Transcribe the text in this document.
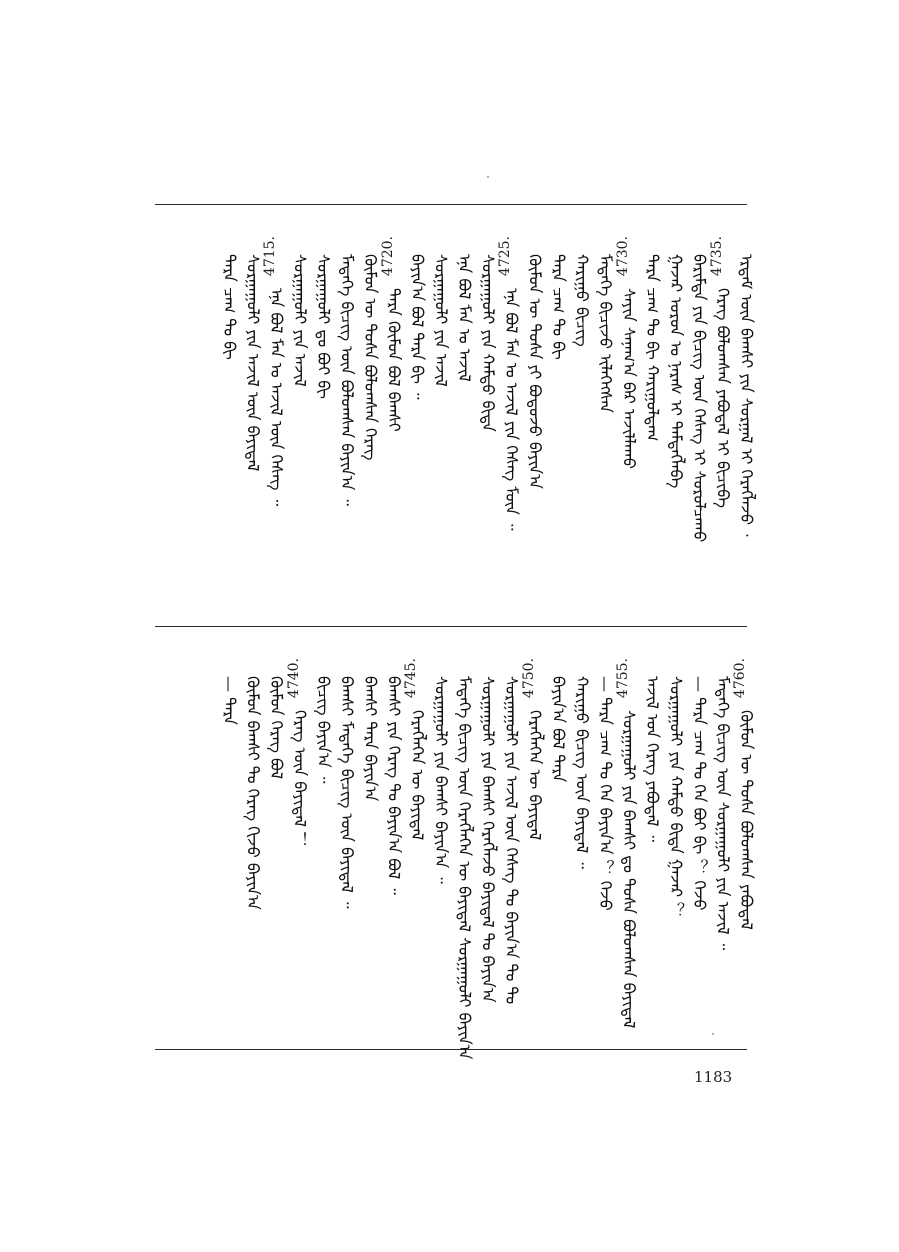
ᠡᠷᠳᠡᠮ ᠦᠨ ᠪᠠᠭᠰᠢ ᠶᠢᠨ ᠰᠤᠷᠭᠠᠯ ᠢ ᠬᠡᠷᠡᠭᠯᠡᠵᠦ ᠂
4735.
ᠬᠡᠷᠡᠭ ᠪᠤᠯᠤᠭᠰᠠᠨ ᠶᠠᠪᠤᠳᠠᠯ ᠢ ᠪᠢᠴᠢᠪᠡ
ᠪᠠᠷᠢᠮᠲᠠ ᠶᠢᠨ ᠪᠢᠴᠢᠭ ᠦᠨ ᠬᠡᠰᠡᠭ ᠢ ᠰᠤᠷᠤᠯᠴᠠᠬᠤ
ᠭᠠᠵᠠᠷ ᠤᠷᠤᠨ ᠤ ᠨᠡᠷᠡᠰ ᠢ ᠲᠡᠮᠳᠡᠭᠯᠡᠪᠡ
ᠲᠡᠷᠡ ᠴᠠᠭ ᠲᠤ ᠪᠢ ᠬᠠᠷᠢᠭᠤᠯᠳᠠᠭ
4730.
ᠰᠠᠶᠢᠨ ᠰᠠᠨᠠᠭ᠎ᠠ ᠪᠠᠷ ᠠᠵᠢᠯᠯᠠᠬᠤ
ᠮᠡᠳᠡᠭᠡ ᠪᠢᠴᠢᠵᠦ ᠢᠯᠡᠭᠡᠭᠰᠡᠨ
ᠬᠠᠷᠢᠭᠤ ᠪᠢᠴᠢᠭ
ᠲᠡᠷᠡ ᠴᠠᠭ ᠲᠤ ᠪᠢ
ᠬᠦᠮᠦᠨ ᠦ ᠲᠤᠰᠠ ᠶᠢ ᠪᠤᠳᠤᠵᠤ ᠪᠠᠶᠢᠨ᠎ᠠ
4725.
ᠡᠨᠡ ᠪᠣᠯ ᠮᠠᠨ ᠤ ᠠᠵᠢᠯ ᠶᠢᠨ ᠬᠡᠰᠡᠭ ᠮᠥᠨ ᠃
ᠰᠤᠷᠭᠠᠭᠤᠯᠢ ᠶᠢᠨ ᠬᠠᠮᠲᠤ ᠪᠢᠳᠡ
ᠡᠨᠡ ᠪᠣᠯ ᠮᠠᠨ ᠤ ᠠᠵᠢᠯ
ᠰᠤᠷᠭᠠᠭᠤᠯᠢ ᠶᠢᠨ ᠠᠵᠢᠯ
ᠪᠠᠶᠢᠨ᠎ᠠ ᠪᠤᠯ ᠲᠡᠷᠡ ᠪᠢ ᠃
4720.
ᠲᠡᠷᠡ ᠬᠦᠮᠦᠨ ᠪᠣᠯ ᠪᠠᠭᠰᠢ
ᠬᠦᠮᠦᠨ ᠦ ᠲᠤᠰᠠ ᠪᠣᠯᠤᠭᠰᠠᠨ ᠬᠡᠷᠡᠭ
ᠮᠡᠳᠡᠭᠡ ᠪᠢᠴᠢᠭ ᠦᠨ ᠪᠤᠯᠤᠭᠰᠠᠨ ᠪᠠᠶᠢᠨ᠎ᠠ ᠃
ᠰᠤᠷᠭᠠᠭᠤᠯᠢ ᠳᠤ ᠪᠤᠢ ᠪᠢ
ᠰᠤᠷᠭᠠᠭᠤᠯᠢ ᠶᠢᠨ ᠠᠵᠢᠯ
4715.
ᠡᠨᠡ ᠪᠣᠯ ᠮᠠᠨ ᠤ ᠠᠵᠢᠯ ᠦᠨ ᠬᠡᠰᠡᠭ ᠃
ᠰᠤᠷᠭᠠᠭᠤᠯᠢ ᠶᠢᠨ ᠠᠵᠢᠯ ᠦᠨ ᠪᠠᠶᠢᠳᠠᠯ
ᠲᠡᠷᠡ ᠴᠠᠭ ᠲᠤ ᠪᠢ
4760.
ᠬᠦᠮᠦᠨ ᠦ ᠲᠤᠰᠠ ᠪᠣᠯᠤᠭᠰᠠᠨ ᠶᠠᠪᠤᠳᠠᠯ
ᠮᠡᠳᠡᠭᠡ ᠪᠢᠴᠢᠭ ᠦᠨ ᠰᠤᠷᠭᠠᠭᠤᠯᠢ ᠶᠢᠨ ᠠᠵᠢᠯ ᠃
— ᠲᠡᠷᠡ ᠴᠠᠭ ᠲᠤ ᠬᠡᠨ ᠪᠤᠢ ᠪᠢ ？ ᠭᠡᠵᠦ
ᠰᠤᠷᠭᠠᠭᠤᠯᠢ ᠶᠢᠨ ᠬᠠᠮᠲᠤ ᠪᠢᠳᠡ ᠭᠠᠵᠠᠷ ？
ᠠᠵᠢᠯ ᠤᠨ ᠬᠡᠷᠡᠭ ᠶᠠᠪᠤᠳᠠᠯ ᠃
4755.
ᠰᠤᠷᠭᠠᠭᠤᠯᠢ ᠶᠢᠨ ᠪᠠᠭᠰᠢ ᠳᠤ ᠲᠤᠰᠠ ᠪᠣᠯᠤᠭᠰᠠᠨ ᠪᠠᠶᠢᠳᠠᠯ
— ᠲᠡᠷᠡ ᠴᠠᠭ ᠲᠤ ᠬᠡᠨ ᠪᠠᠶᠢᠨ᠎ᠠ ？ ᠭᠡᠵᠦ
ᠬᠠᠷᠢᠭᠤ ᠪᠢᠴᠢᠭ ᠦᠨ ᠪᠠᠶᠢᠳᠠᠯ ᠃
ᠪᠠᠶᠢᠨ᠎ᠠ ᠪᠤᠯ ᠲᠡᠷᠡ
4750.
ᠬᠡᠷᠡᠭᠯᠡᠭᠡᠨ ᠦ ᠪᠠᠶᠢᠳᠠᠯ
ᠰᠤᠷᠭᠠᠭᠤᠯᠢ ᠶᠢᠨ ᠠᠵᠢᠯ ᠦᠨ ᠬᠡᠰᠡᠭ ᠲᠤ ᠪᠠᠶᠢᠨ᠎ᠠ ᠲᠤ ᠲᠤ
ᠰᠤᠷᠭᠠᠭᠤᠯᠢ ᠶᠢᠨ ᠪᠠᠭᠰᠢ ᠬᠡᠷᠡᠭᠯᠡᠵᠦ ᠪᠠᠶᠢᠳᠠᠯ ᠲᠤ ᠪᠠᠶᠢᠨ᠎ᠠ
ᠮᠡᠳᠡᠭᠡ ᠪᠢᠴᠢᠭ ᠦᠨ ᠬᠡᠷᠡᠭᠯᠡᠭᠡᠨ ᠦ ᠪᠠᠶᠢᠳᠠᠯ ᠰᠤᠷᠭᠠᠭᠤᠯᠢ ᠪᠠᠶᠢᠨ᠎ᠠ
ᠰᠤᠷᠭᠠᠭᠤᠯᠢ ᠶᠢᠨ ᠪᠠᠭᠰᠢ ᠪᠠᠶᠢᠨ᠎ᠠ ᠃
4745.
ᠬᠡᠷᠡᠭᠯᠡᠭᠡᠨ ᠦ ᠪᠠᠶᠢᠳᠠᠯ
ᠪᠠᠭᠰᠢ ᠶᠢᠨ ᠬᠡᠷᠡᠭ ᠲᠤ ᠪᠠᠶᠢᠨ᠎ᠠ ᠪᠤᠯ ᠃
ᠪᠠᠭᠰᠢ ᠲᠡᠷᠡ ᠪᠠᠶᠢᠨ᠎ᠠ
ᠪᠠᠭᠰᠢ ᠮᠡᠳᠡᠭᠡ ᠪᠢᠴᠢᠭ ᠦᠨ ᠪᠠᠶᠢᠳᠠᠯ ᠃
ᠪᠢᠴᠢᠭ ᠪᠠᠶᠢᠨ᠎ᠠ ᠃
4740.
ᠬᠡᠷᠡᠭ ᠦᠨ ᠪᠠᠶᠢᠳᠠᠯ ！
ᠬᠦᠮᠦᠨ ᠬᠡᠷᠡᠭ ᠪᠤᠯ
ᠬᠦᠮᠦᠨ ᠪᠠᠭᠰᠢ ᠲᠤ ᠬᠡᠷᠡᠭ ᠬᠢᠵᠦ ᠪᠠᠶᠢᠨ᠎ᠠ
— ᠲᠡᠷᠡ
1183
